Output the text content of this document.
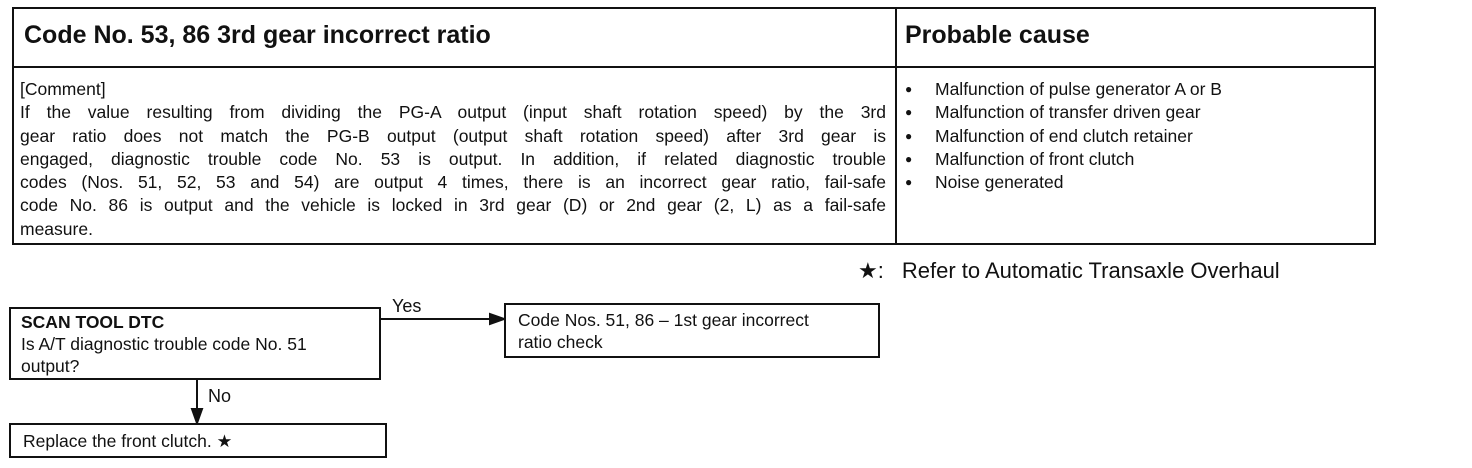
Code No. 53, 86 3rd gear incorrect ratio	Probable cause
[Comment]
If the value resulting from dividing the PG-A output (input shaft rotation speed) by the 3rd
gear ratio does not match the PG-B output (output shaft rotation speed) after 3rd gear is
engaged, diagnostic trouble code No. 53 is output. In addition, if related diagnostic trouble
codes (Nos. 51, 52, 53 and 54) are output 4 times, there is an incorrect gear ratio, fail-safe
code No. 86 is output and the vehicle is locked in 3rd gear (D) or 2nd gear (2, L) as a fail-safe
measure.
● Malfunction of pulse generator A or B
● Malfunction of transfer driven gear
● Malfunction of end clutch retainer
● Malfunction of front clutch
● Noise generated
★: Refer to Automatic Transaxle Overhaul
Yes
No
SCAN TOOL DTC
Is A/T diagnostic trouble code No. 51
output?
Code Nos. 51, 86 – 1st gear incorrect
ratio check
Replace the front clutch. ★
